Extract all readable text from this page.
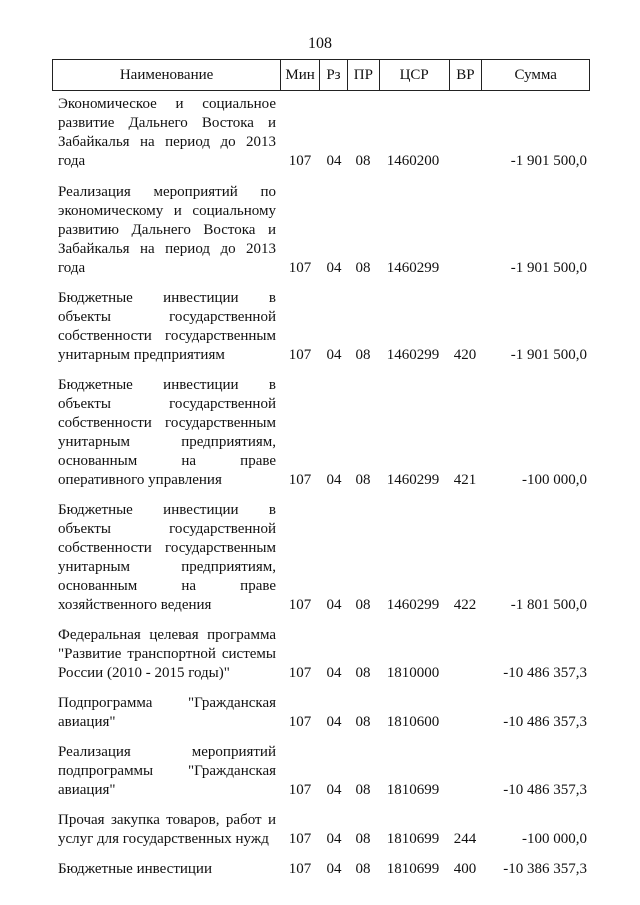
108
Наименование	Мин Рз ПР	ЦСР	ВР	Сумма
Экономическое и социальное
развитие Дальнего Востока и
Забайкалья на период до 2013
года	107	04 08	1460200	-1 901 500,0
Реализация мероприятий по
экономическому и социальному
развитию Дальнего Востока и
Забайкалья на период до 2013
года	107	04 08	1460299	-1 901 500,0
Бюджетные инвестиции в
объекты государственной
собственности государственным
унитарным предприятиям	107	04 08	1460299 420	-1 901 500,0
Бюджетные инвестиции в
объекты государственной
собственности государственным
унитарным предприятиям,
основанным на праве
оперативного управления	107	04 08	1460299 421	-100 000,0
Бюджетные инвестиции в
объекты государственной
собственности государственным
унитарным предприятиям,
основанным на праве
хозяйственного ведения	107	04 08	1460299 422	-1 801 500,0
Федеральная целевая программа
"Развитие транспортной системы
России (2010 - 2015 годы)"	107	04 08	1810000	-10 486 357,3
Подпрограмма "Гражданская
авиация"	107	04 08	1810600	-10 486 357,3
Реализация мероприятий
подпрограммы "Гражданская
авиация"	107	04 08	1810699	-10 486 357,3
Прочая закупка товаров, работ и
услуг для государственных нужд	107	04 08	1810699 244	-100 000,0
Бюджетные инвестиции	107	04 08	1810699 400	-10 386 357,3
